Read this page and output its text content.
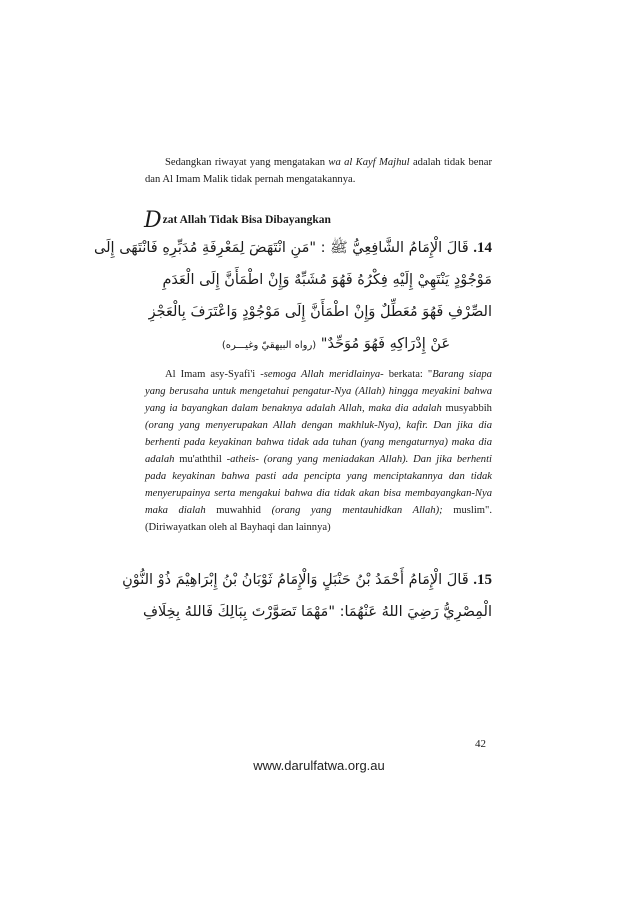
Sedangkan riwayat yang mengatakan wa al Kayf Majhul adalah tidak benar dan Al Imam Malik tidak pernah mengatakannya.

Dzat Allah Tidak Bisa Dibayangkan
14. قَالَ الْإِمَامُ الشَّافِعِيُّ ﷺ : "مَنِ انْتَهَضَ لِمَعْرِفَةِ مُدَبِّرِهِ فَانْتَهَى إِلَى
مَوْجُوْدٍ يَنْتَهِيْ إِلَيْهِ فِكْرُهُ فَهُوَ مُشَبِّهٌ وَإِنْ اطْمَأَنَّ إِلَى الْعَدَمِ
الصِّرْفِ فَهُوَ مُعَطِّلٌ وَإِنْ اطْمَأَنَّ إِلَى مَوْجُوْدٍ وَاعْتَرَفَ بِالْعَجْزِ
عَنْ إِدْرَاكِهِ فَهُوَ مُوَحِّدٌ" (رواه البيهقيّ وغيـــره)

Al Imam asy-Syafi'i -semoga Allah meridlainya- berkata: "Barang siapa yang berusaha untuk mengetahui pengatur-Nya (Allah) hingga meyakini bahwa yang ia bayangkan dalam benaknya adalah Allah, maka dia adalah musyabbih (orang yang menyerupakan Allah dengan makhluk-Nya), kafir. Dan jika dia berhenti pada keyakinan bahwa tidak ada tuhan (yang mengaturnya) maka dia adalah mu'aththil -atheis- (orang yang meniadakan Allah). Dan jika berhenti pada keyakinan bahwa pasti ada pencipta yang menciptakannya dan tidak menyerupainya serta mengakui bahwa dia tidak akan bisa membayangkan-Nya maka dialah muwahhid (orang yang mentauhidkan Allah); muslim". (Diriwayatkan oleh al Bayhaqi dan lainnya)

15. قَالَ الْإِمَامُ أَحْمَدُ بْنُ حَنْبَلٍ وَالْإِمَامُ ثَوْبَانُ بْنُ إِبْرَاهِيْمَ ذُوْ النُّوْنِ
الْمِصْرِيُّ رَضِيَ اللهُ عَنْهُمَا: "مَهْمَا تَصَوَّرْتَ بِبَالِكَ فَاللهُ بِخِلَافِ
42
www.darulfatwa.org.au
